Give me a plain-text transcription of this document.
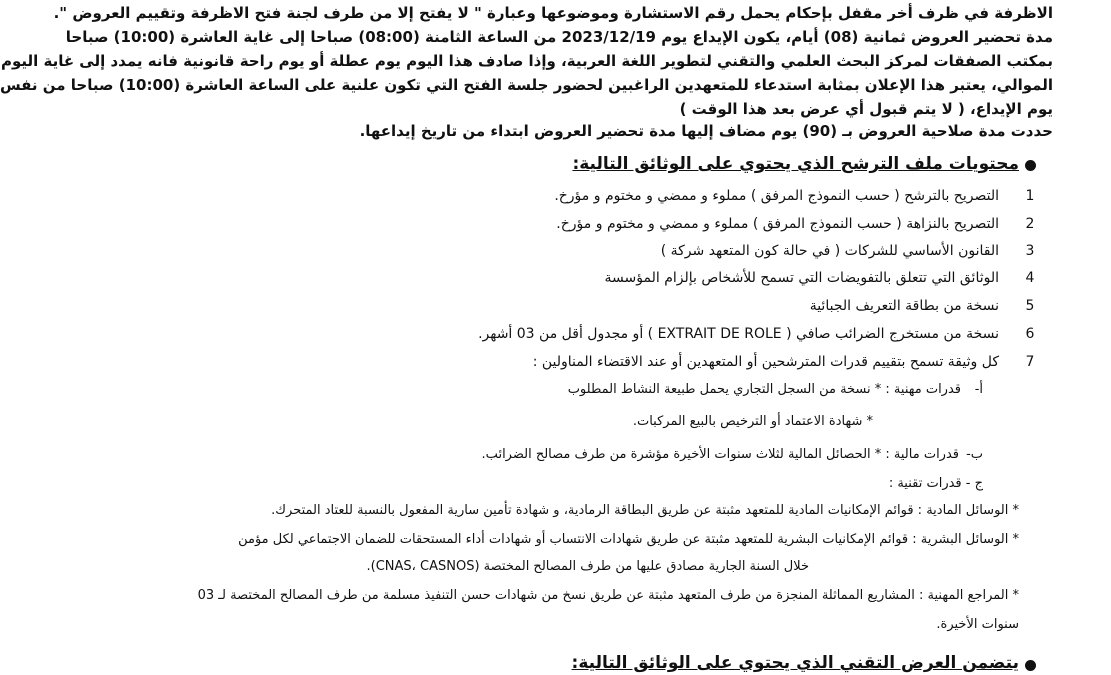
الاظرفة في ظرف أخر مقفل بإحكام يحمل رقم الاستشارة وموضوعها وعبارة " لا يفتح إلا من طرف لجنة فتح الاظرفة وتقييم العروض ".
مدة تحضير العروض ثمانية (08) أيام، يكون الإيداع يوم 2023/12/19 من الساعة الثامنة (08:00) صباحا إلى غاية العاشرة (10:00) صباحا
بمكتب الصفقات لمركز البحث العلمي والتقني لتطوير اللغة العربية، وإذا صادف هذا اليوم يوم عطلة أو يوم راحة قانونية فانه يمدد إلى غاية اليوم
الموالي، يعتبر هذا الإعلان بمثابة استدعاء للمتعهدين الراغبين لحضور جلسة الفتح التي تكون علنية على الساعة العاشرة (10:00) صباحا من نفس
يوم الإيداع، ( لا يتم قبول أي عرض بعد هذا الوقت )
حددت مدة صلاحية العروض بـ (90) يوم مضاف إليها مدة تحضير العروض ابتداء من تاريخ إيداعها.
محتويات ملف الترشح الذي يحتوي على الوثائق التالية:
1
التصريح بالترشح ( حسب النموذج المرفق ) مملوء و ممضي و مختوم و مؤرخ.
2
التصريح بالنزاهة ( حسب النموذج المرفق ) مملوء و ممضي و مختوم و مؤرخ.
3
القانون الأساسي للشركات ( في حالة كون المتعهد شركة )
4
الوثائق التي تتعلق بالتفويضات التي تسمح للأشخاص بإلزام المؤسسة
5
نسخة من بطاقة التعريف الجبائية
6
نسخة من مستخرج الضرائب صافي ( EXTRAIT DE ROLE ) أو مجدول أقل من 03 أشهر.
7
كل وثيقة تسمح بتقييم قدرات المترشحين أو المتعهدين أو عند الاقتضاء المناولين :
أ-
قدرات مهنية : * نسخة من السجل التجاري يحمل طبيعة النشاط المطلوب
* شهادة الاعتماد أو الترخيص بالبيع المركبات.
ب-
قدرات مالية : * الحصائل المالية لثلاث سنوات الأخيرة مؤشرة من طرف مصالح الضرائب.
ج - قدرات تقنية :
* الوسائل المادية : قوائم الإمكانيات المادية للمتعهد مثبتة عن طريق البطاقة الرمادية، و شهادة تأمين سارية المفعول بالنسبة للعتاد المتحرك.
* الوسائل البشرية : قوائم الإمكانيات البشرية للمتعهد مثبتة عن طريق شهادات الانتساب أو شهادات أداء المستحقات للضمان الاجتماعي لكل مؤمن
خلال السنة الجارية مصادق عليها من طرف المصالح المختصة (CNAS، CASNOS).
* المراجع المهنية : المشاريع المماثلة المنجزة من طرف المتعهد مثبتة عن طريق نسخ من شهادات حسن التنفيذ مسلمة من طرف المصالح المختصة لـ 03
سنوات الأخيرة.
يتضمن العرض التقني الذي يحتوي على الوثائق التالية:
